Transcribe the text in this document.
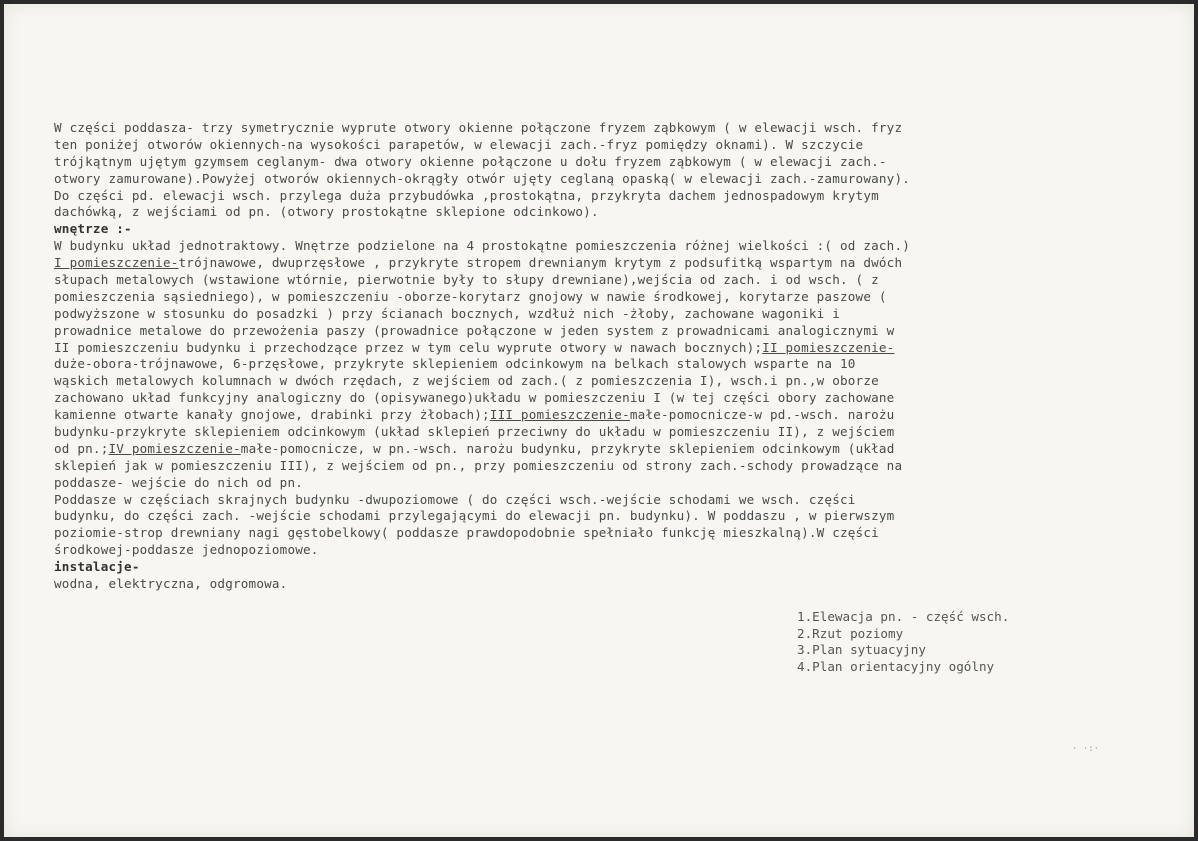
W części poddasza- trzy symetrycznie wyprute otwory okienne połączone fryzem ząbkowym ( w elewacji wsch. fryz
ten poniżej otworów okiennych-na wysokości parapetów, w elewacji zach.-fryz pomiędzy oknami). W szczycie
trójkątnym ujętym gzymsem ceglanym- dwa otwory okienne połączone u dołu fryzem ząbkowym ( w elewacji zach.-
otwory zamurowane).Powyżej otworów okiennych-okrągły otwór ujęty ceglaną opaską( w elewacji zach.-zamurowany).
Do części pd. elewacji wsch. przylega duża przybudówka ,prostokątna, przykryta dachem jednospadowym krytym
dachówką, z wejściami od pn. (otwory prostokątne sklepione odcinkowo).
wnętrze :-
W budynku układ jednotraktowy. Wnętrze podzielone na 4 prostokątne pomieszczenia różnej wielkości :( od zach.)
I pomieszczenie-trójnawowe, dwuprzęsłowe , przykryte stropem drewnianym krytym z podsufitką wspartym na dwóch
słupach metalowych (wstawione wtórnie, pierwotnie były to słupy drewniane),wejścia od zach. i od wsch. ( z
pomieszczenia sąsiedniego), w pomieszczeniu -oborze-korytarz gnojowy w nawie środkowej, korytarze paszowe (
podwyższone w stosunku do posadzki ) przy ścianach bocznych, wzdłuż nich -żłoby, zachowane wagoniki i
prowadnice metalowe do przewożenia paszy (prowadnice połączone w jeden system z prowadnicami analogicznymi w
II pomieszczeniu budynku i przechodzące przez w tym celu wyprute otwory w nawach bocznych);II pomieszczenie-
duże-obora-trójnawowe, 6-przęsłowe, przykryte sklepieniem odcinkowym na belkach stalowych wsparte na 10
wąskich metalowych kolumnach w dwóch rzędach, z wejściem od zach.( z pomieszczenia I), wsch.i pn.,w oborze
zachowano układ funkcyjny analogiczny do (opisywanego)układu w pomieszczeniu I (w tej części obory zachowane
kamienne otwarte kanały gnojowe, drabinki przy żłobach);III pomieszczenie-małe-pomocnicze-w pd.-wsch. narożu
budynku-przykryte sklepieniem odcinkowym (układ sklepień przeciwny do układu w pomieszczeniu II), z wejściem
od pn.;IV pomieszczenie-małe-pomocnicze, w pn.-wsch. narożu budynku, przykryte sklepieniem odcinkowym (układ
sklepień jak w pomieszczeniu III), z wejściem od pn., przy pomieszczeniu od strony zach.-schody prowadzące na
poddasze- wejście do nich od pn.
Poddasze w częściach skrajnych budynku -dwupoziomowe ( do części wsch.-wejście schodami we wsch. części
budynku, do części zach. -wejście schodami przylegającymi do elewacji pn. budynku). W poddaszu , w pierwszym
poziomie-strop drewniany nagi gęstobelkowy( poddasze prawdopodobnie spełniało funkcję mieszkalną).W części
środkowej-poddasze jednopoziomowe.
instalacje-
wodna, elektryczna, odgromowa.
1.Elewacja pn. - część wsch.
2.Rzut poziomy
3.Plan sytuacyjny
4.Plan orientacyjny ogólny
· ·:·
